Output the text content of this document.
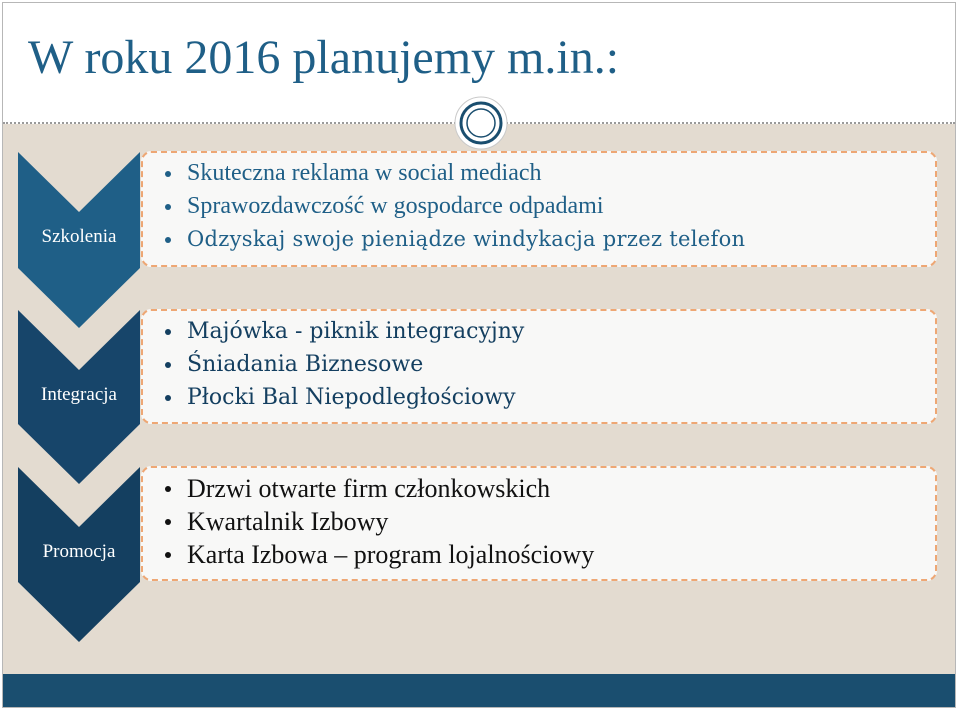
W roku 2016 planujemy m.in.:
Szkolenia
Integracja
Promocja
Skuteczna reklama w social mediach
Sprawozdawczość w gospodarce odpadami
Odzyskaj swoje pieniądze windykacja przez telefon
Majówka - piknik integracyjny
Śniadania Biznesowe
Płocki Bal Niepodległościowy
Drzwi otwarte firm członkowskich
Kwartalnik Izbowy
Karta Izbowa – program lojalnościowy
